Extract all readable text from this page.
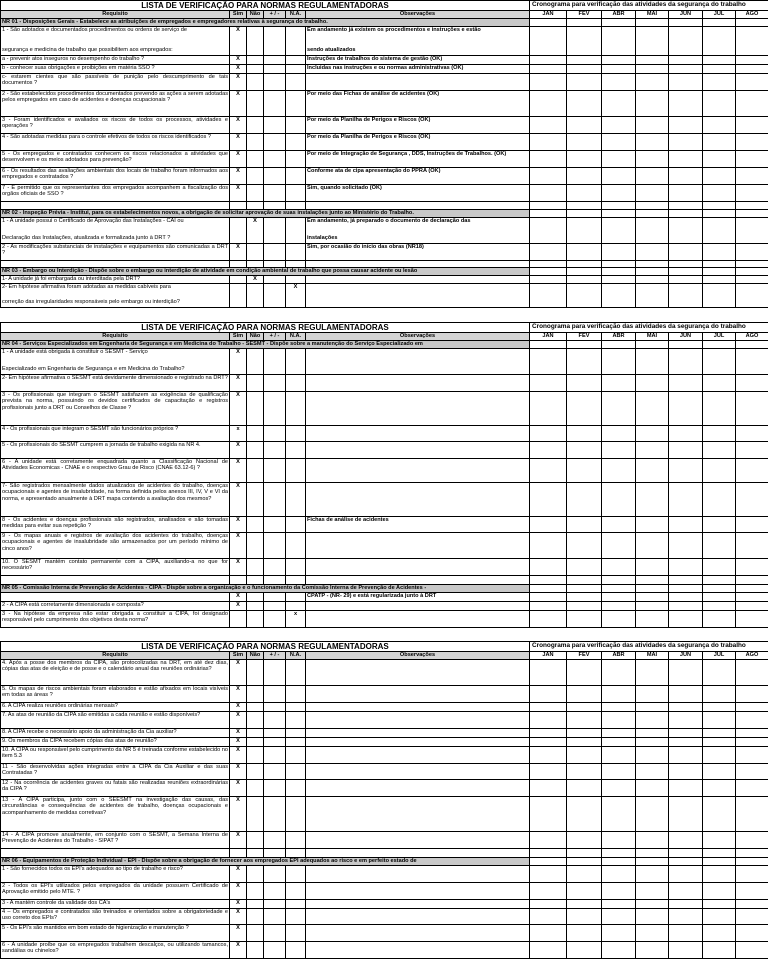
LISTA DE VERIFICAÇÃO PARA NORMAS REGULAMENTADORAS						Cronograma para verificação das atividades da segurança do trabalho						
Requisito	Sim	Não	+ / -	N.A.	Observações	JAN	FEV	ABR	MAI	JUN	JUL	AGO
NR 01 - Disposições Gerais - Estabelece as atribuições de empregados e empregadores relativas à segurança do trabalho.												

1 - São adotados e documentados procedimentos ou ordens de serviço de
segurança e medicina de trabalho que possibilitem aos empregados:	X				Em andamento já existem os procedimentos e instruções e estão
sendo atualizados							

a - prevenir atos inseguros no desempenho do trabalho ?	X				Instruções de trabalhos do sistema de gestão (OK)							
b - conhecer suas obrigações e proibições em matéria SSO ?	X				Incluidas nas instruções e ou normas administrativas (OK)							
c- estarem cientes que são passíveis de punição pelo descumprimento de tais documentos ?	X											
2 - São estabelecidos procedimentos documentados prevendo as ações a serem adotadas pelos empregados em caso de acidentes e doenças ocupacionais ?	X				Por meio das Fichas de análise de acidentes (OK)							
3 - Foram identificados e avaliados os riscos de todos os processos, atividades e operações ?	X				Por meio da Planilha de Perigos e Riscos (OK)							
4 - São adotadas medidas para o controle efetivos de todos os riscos identificados ?	X				Por meio da Planilha de Perigos e Riscos (OK)							
5 - Os empregados e contratados conhecem os riscos relacionados a atividades que desenvolvem e os meios adotados para prevenção?	X				Por meio de Integração de Segurança , DDS, Instruções de Trabalhos. (OK)							
6 - Os resultados das avaliações ambientais dos locais de trabalho foram informados aos empregados e contratados ?	X				Conforme ata de cipa apresentação do PPRA (OK)							
7 - E permitido que os representantes dos empregados acompanhem a fiscalização dos orgãos oficiais de SSO ?	X				Sim, quando solicitado (OK)							

NR 02 - Inspeção Prévia - Institui, para os estabelecimentos novos, a obrigação de solicitar aprovação de suas instalações junto ao Ministério do Trabalho.												

1 - A unidade possui o Certificado de Aprovação das Instalações - CAI ou
Declaração das Instalações, atualizada e formalizada junto à DRT ?		X			Em andamento, já preparado o documento de declaração das
instalações							

2 - As modificações substanciais de instalações e equipamentos são comunicadas a DRT ?	X				Sim, por ocasião do início das obras (NR18)							

NR 03 - Embargo ou Interdição - Dispõe sobre o embargo ou interdição de atividade em condição ambiental de trabalho que possa causar acidente ou lesão												
1- A unidade já foi embargada ou interditada pela DRT?		X										

2- Em hipótese afirmativa foram adotadas as medidas cabíveis para
correção das irregularidades responsáveis pelo embargo ou interdição?				X								
LISTA DE VERIFICAÇÃO PARA NORMAS REGULAMENTADORAS						Cronograma para verificação das atividades da segurança do trabalho						
Requisito	Sim	Não	+ / -	N.A.	Observações	JAN	FEV	ABR	MAI	JUN	JUL	AGO
NR 04 - Serviços Especializados em Engenharia de Segurança e em Medicina do Trabalho - SESMT - Dispõe sobre a manutenção do Serviço Especializado em												

1 - A unidade está obrigada à constituir o SESMT - Serviço
Especializado em Engenharia de Segurança e em Medicina do Trabalho?	X											
2- Em hipótese afirmativa o SESMT está devidamente dimensionado e registrado na DRT?	X											
3 - Os profissionais que integram o SESMT satisfazem as exigências de qualificação prevista na norma, possuindo os devidos certificados de capacitação e registros profissionais junto a DRT ou Conselhos de Classe ?	X											
4 - Os profissionais que integram o SESMT são funcionários próprios ?	x											
5 - Os profissionais do SESMT cumprem a jornada de trabalho exigida na NR 4.	X											
6 - A unidade está corretamente enquadrada quanto a Classificação Nacional de Atividades Economicas - CNAE e o respectivo Grau de Risco (CNAE 63.12-6) ?	X											
7- São registrados mensalmente dados atualizados de acidentes do trabalho, doenças ocupacionais e agentes de insalubridade, na forma definida pelos anexos III, IV, V e VI da norma, e apresentado anualmente à DRT mapa contendo a avaliação dos mesmos?	X											
8 - Os acidentes e doenças profissionais são registrados, analisados e são tomadas medidas para evitar sua repetição ?	X				Fichas de análise de acidentes							
9 - Os mapas anuais e registros de avaliação dos acidentes do trabalho, doenças ocupacionais e agentes de insalubridade são armazenados por um período mínimo de cinco anos?	X											
10. O SESMT mantém contato permanente com a CIPA, auxiliando-a no que for necessário?	X											

NR 05 - Comissão Interna de Prevenção de Acidentes - CIPA - Dispõe sobre a organização e o funcionamento da Comissão Interna de Prevenção de Acidentes -												
	X				CPATP - (NR- 29) e está regularizada junto à DRT							
2 - A CIPA está corretamente dimensionada e composta?	X											
3 - Na hipótese da empresa não estar obrigada a constituir a CIPA, foi designado responsável pelo cumprimento dos objetivos desta norma?				x								
LISTA DE VERIFICAÇÃO PARA NORMAS REGULAMENTADORAS						Cronograma para verificação das atividades da segurança do trabalho						
Requisito	Sim	Não	+ / -	N.A.	Observações	JAN	FEV	ABR	MAI	JUN	JUL	AGO
4. Após a posse dos membros da CIPA, são protocolizadas na DRT, em até dez dias, cópias das atas de eleição e de posse e o calendário anual das reuniões ordinárias?	X											
5. Os mapas de riscos ambientais foram elaborados e estão afixados em locais visíveis em todas as áreas ?	X											
6. A CIPA realiza reuniões ordinárias mensais?	X											
7. As atas de reunião da CIPA são emitidas a cada reunião e estão disponíveis?	X											
8. A CIPA recebe o necessário apoio da administração da Cia auxiliar?	X											
9. Os membros da CIPA recebem cópias das atas de reunião?	X											
10. A CIPA ou responsável pelo cumprimento da NR 5 é treinada conforme estabelecido no item 5.3	X											
11 - São desenvolvidas ações integradas entre a CIPA da Cia Auxiliar e das suas Contratadas ?	X											
12 - Na ocorrência de acidentes graves ou fatais são realizadas reuniões extraordinárias da CIPA ?	X											
13 - A CIPA participa, junto com o SEESMT na investigação das causas, das circunstâncias e consequências de acidentes de trabalho, doenças ocupacionais e acompanhamento de medidas corretivas?	X											
14 - A CIPA promove anualmente, em conjunto com o SESMT, a Semana Interna de Prevenção de Acidentes do Trabalho - SIPAT ?	X											

NR 06 - Equipamentos de Proteção Individual - EPI - Dispõe sobre a obrigação de fornecer aos empregados EPI adequados ao risco e em perfeito estado de												
1 - São fornecidos todos os EPI's adequados ao tipo de trabalho e risco?	X											
2 - Todos os EPI's utilizados pelos empregados da unidade possuem Certificado de Aprovação emitido pelo MTE. ?	X											
3 - A mantém controle da validade dos CA's	X											
4 – Os empregados e contratados são treinados e orientados sobre a obrigatoriedade e uso correto dos EPIs?	X											
5 - Os EPI's são mantidos em bom estado de higienização e manutenção ?	X											
6 - A unidade proíbe que os empregados trabalhem descalços, ou utilizando tamancos, sandálias ou chinelos?	X											
